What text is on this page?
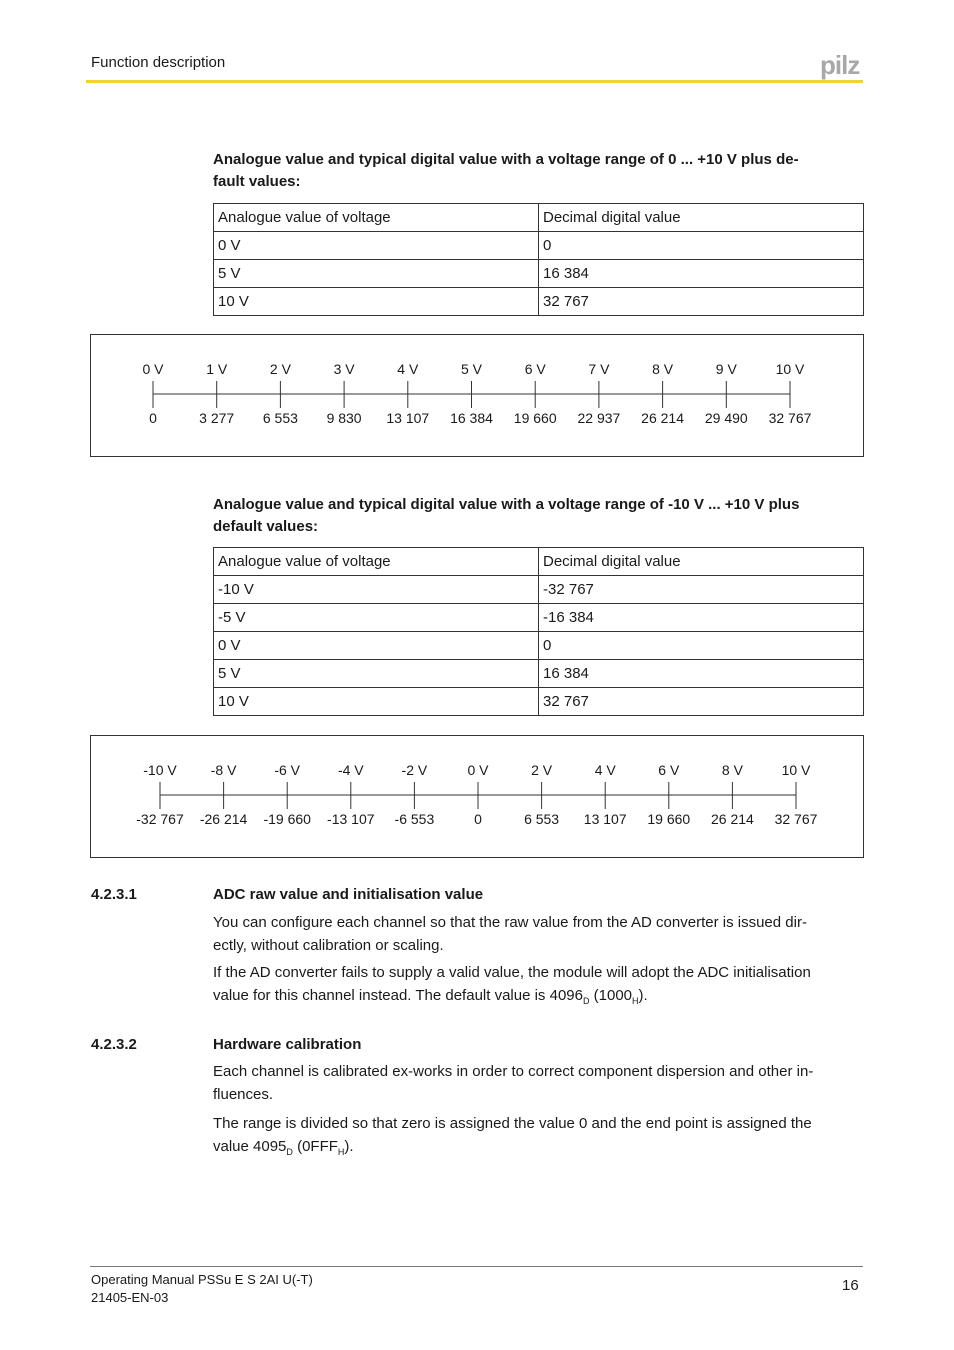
Function description	pilz
Analogue value and typical digital value with a voltage range of 0 ... +10 V plus de-
fault values:
Analogue value of voltage	Decimal digital value
0 V	0
5 V	16 384
10 V	32 767
0 V
0
1 V
3 277
2 V
6 553
3 V
9 830
4 V
13 107
5 V
16 384
6 V
19 660
7 V
22 937
8 V
26 214
9 V
29 490
10 V
32 767
Analogue value and typical digital value with a voltage range of -10 V ... +10 V plus
default values:
Analogue value of voltage	Decimal digital value
-10 V	-32 767
-5 V	-16 384
0 V	0
5 V	16 384
10 V	32 767
-10 V
-32 767
-8 V
-26 214
-6 V
-19 660
-4 V
-13 107
-2 V
-6 553
0 V
0
2 V
6 553
4 V
13 107
6 V
19 660
8 V
26 214
10 V
32 767
4.2.3.1	ADC raw value and initialisation value
You can configure each channel so that the raw value from the AD converter is issued dir-
ectly, without calibration or scaling.
If the AD converter fails to supply a valid value, the module will adopt the ADC initialisation
value for this channel instead. The default value is $4096_D$ $(1000_H)$.
4.2.3.2	Hardware calibration
Each channel is calibrated ex-works in order to correct component dispersion and other in-
fluences.
The range is divided so that zero is assigned the value 0 and the end point is assigned the
value $4095_D$ $(0FFF_H)$.
Operating Manual PSSu E S 2AI U(-T)
21405-EN-03
16
